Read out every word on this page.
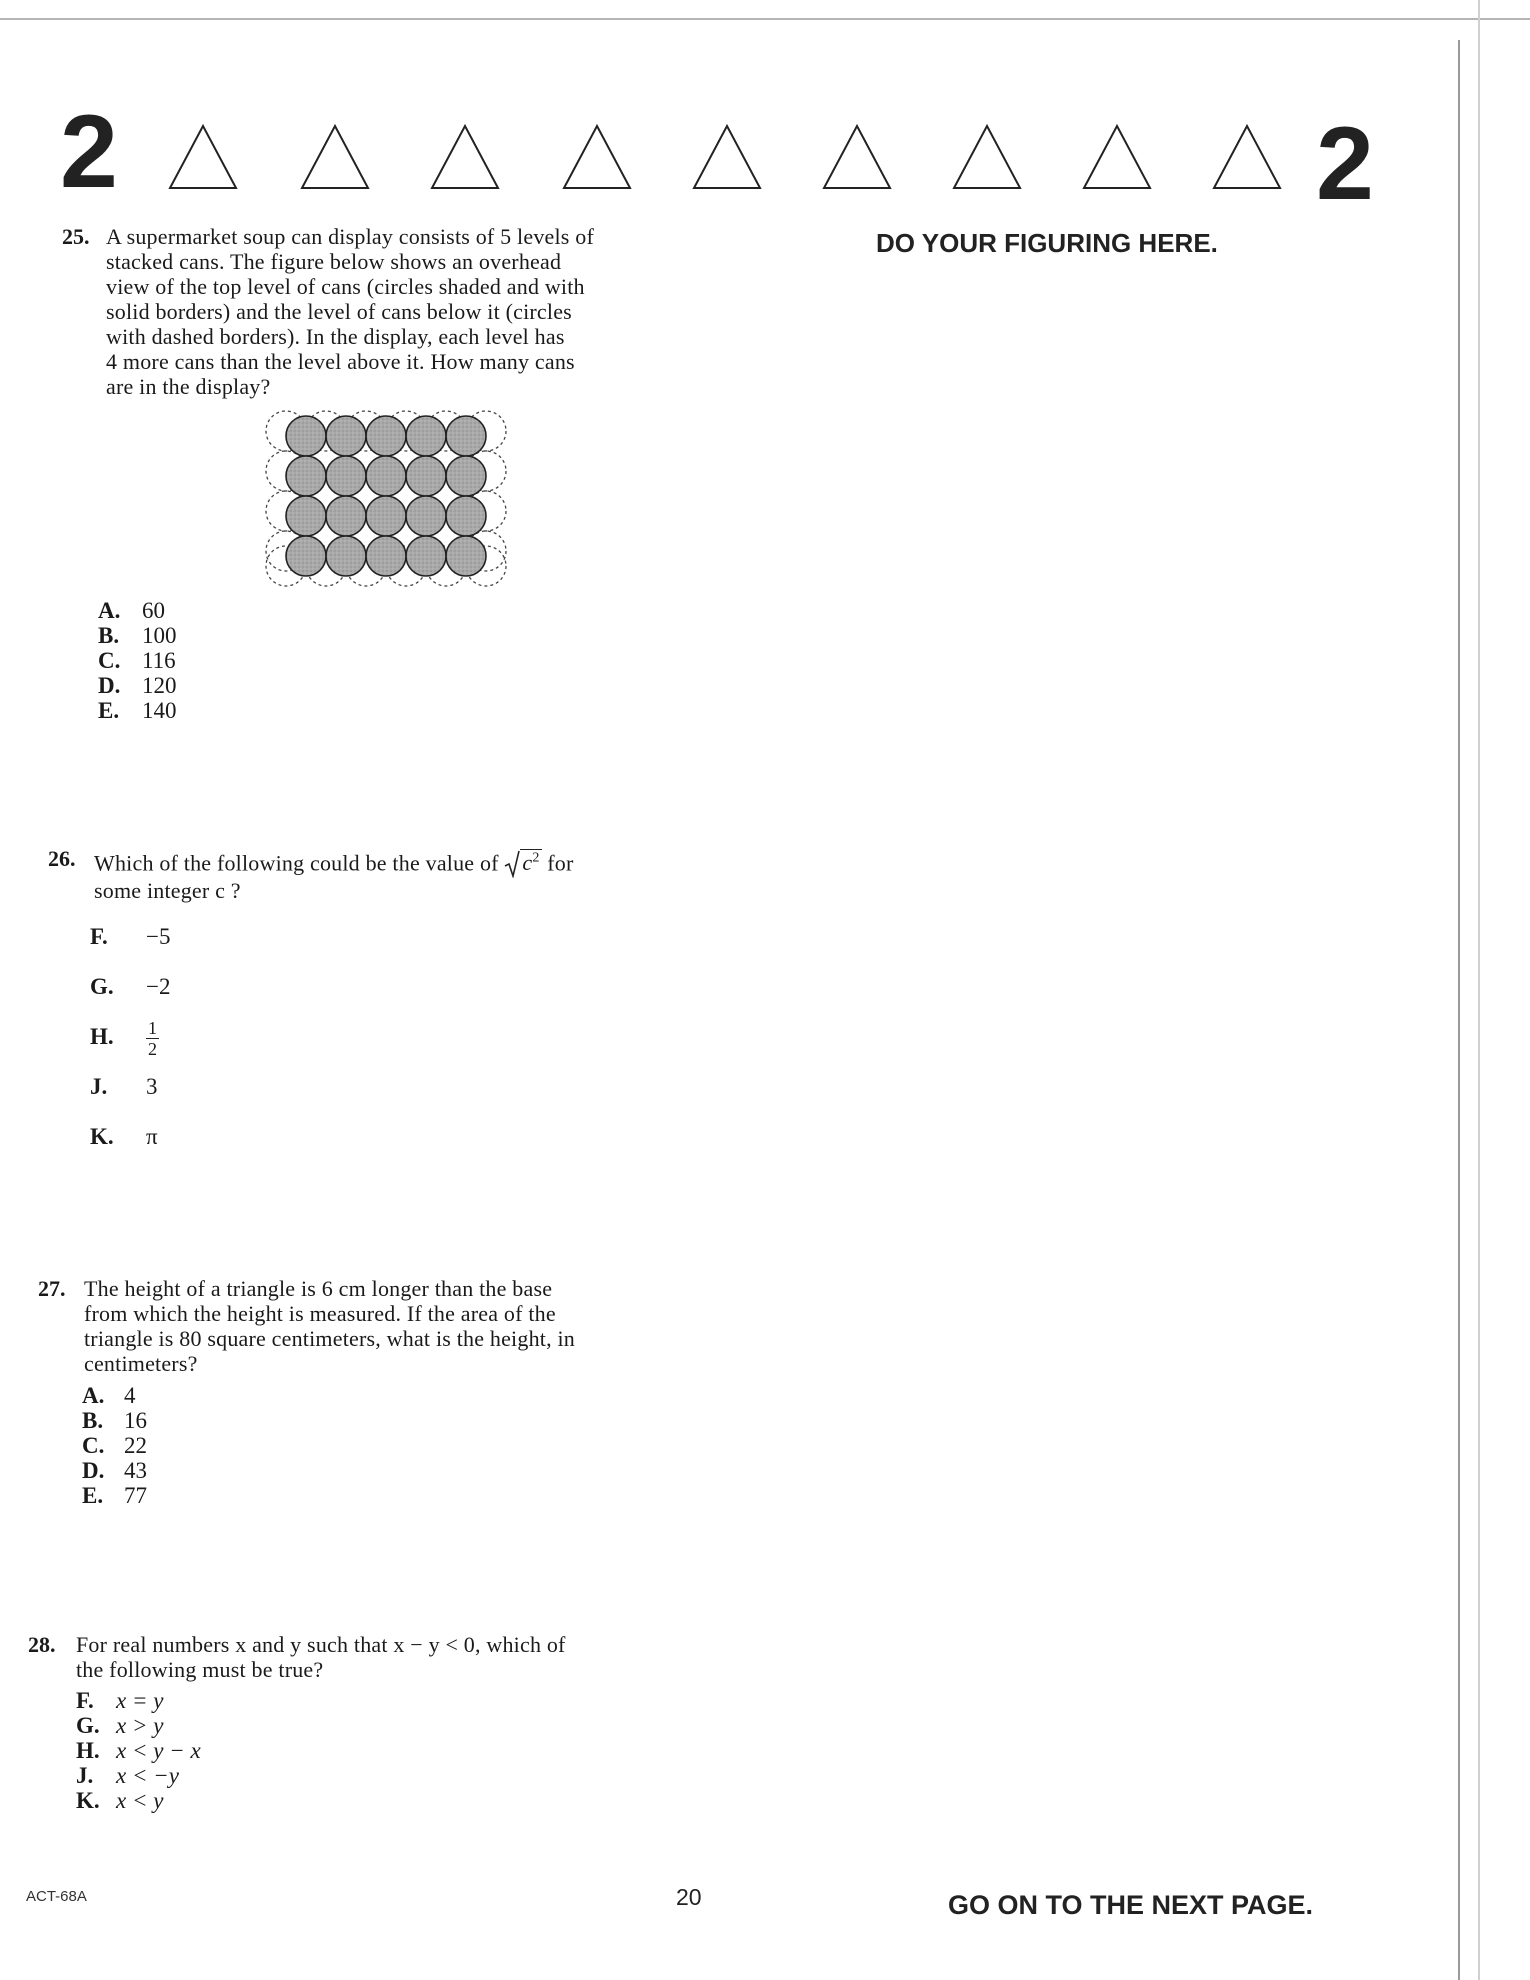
2	2
DO YOUR FIGURING HERE.
25. A supermarket soup can display consists of 5 levels of
stacked cans. The figure below shows an overhead
view of the top level of cans (circles shaded and with
solid borders) and the level of cans below it (circles
with dashed borders). In the display, each level has
4 more cans than the level above it. How many cans
are in the display?
A. 60
B. 100
C. 116
D. 120
E. 140
26. Which of the following could be the value of $c^2$ for
some integer c ?
F. −5
G. −2
H. $\frac{1}{2}$
J. 3
K. π
27. The height of a triangle is 6 cm longer than the base
from which the height is measured. If the area of the
triangle is 80 square centimeters, what is the height, in
centimeters?
A. 4
B. 16
C. 22
D. 43
E. 77
28. For real numbers x and y such that x − y < 0, which of
the following must be true?
F. x = y
G. x > y
H. x < y − x
J. x < −y
K. x < y
ACT-68A	20	GO ON TO THE NEXT PAGE.
